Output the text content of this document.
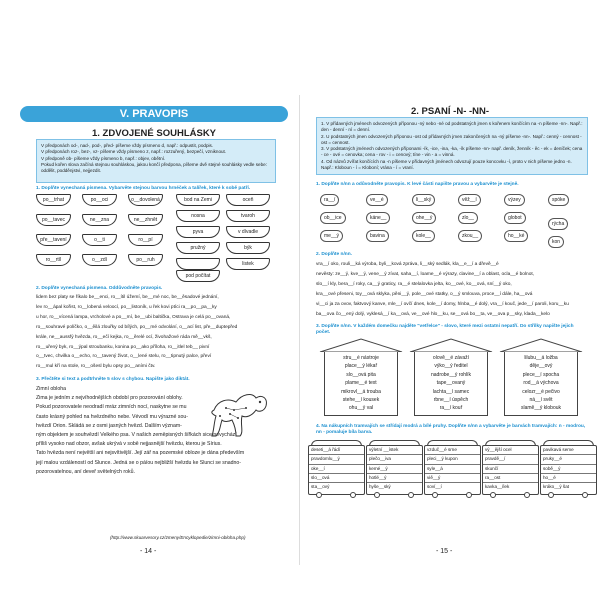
V. PRAVOPIS
1. ZDVOJENÉ SOUHLÁSKY

V předponách od-, nad-, pod-, před- píšeme vždy písmeno d, např.: odpustit, podpis.

V předponách roz-, bez-, vz- píšeme vždy písmeno z, např.: rozzuřený, bezpečí, vzniknout.

V předponě ob- píšeme vždy písmeno b, např.: objev, obětní.

Pokud kořen slova začíná stejnou souhláskou, jakou končí předpona, píšeme dvě stejné souhlásky vedle sebe: oddělit, podděnjstvi, nejjezdit.

1. Doplňte vynechaná písmena. Vybarvěte stejnou barvou hrnéček a talířek, které k sobě patří.
po__trhat	po__oci	o__dovolená	bod na Zemi	oceň
po__tavec	ne__zna	ne__zhnět
nosna	tvaroh
pře__tavení	o__ti	ro__pí
pyva	v dívadle
ro__rtíl	o__zdí	po__ruh
pružný	býk
listek
pod počítat
2. Doplňte vynechaná písmena. Oddůvodněte pravopis.

lidem bez platy se říkalo be__enci, ro__ítil úžemí, be__mé noc, be__ěsadové jednání,

lev ro__ápal kořist, ro__lobená veloocí, po__listoník, u řek kovi ptíci ra__po__pa__ky

u hor, ro__vícená lampa, vrcholové a po__mí, be__ubi baltička, Ostrava je celá po__ovaná,

ro__souhravé políčko, o__ěilá zlouřky od bílých, po__mé odvolání, o__ací list, pře__duptepřed

krále, ne__aussfý hvězda, ro__ečí kejka, ro__ěrelé ocí, živohažové ráda mě__vkš,

ro__uřený byk, ro__ýpal stroubanku, konina po__ako příloha, ro__itlel teb__ pivní

o__tvec, chvilka o__echo, ro__tavený život, o__lené stelu, ro__tipnutý palce, převí

ro__mul kří na stole, ro__ošesl bylu opsy po__aními čtv.

3. Přečtěte si text a podtrhněte 5 slov s chybou. Napište jako diktát.

Zimní obloha

Zima je jedním z nejvíhodnějších období pro pozorování oblohy.

Pokud pozorovatele neodradí mráz zimních nocí, naskytne se mu

často krásný pohled na hvězdného nebe. Vévodí mu výrazné sou-

hvězdí Orion. Skládá se z osmi jasných hvězd. Dalším význam-

ným objektem je souhvězdí Velkého psa. V našich zeměpisných šířkách sice nevychází

příliš vysoko nad obzor, avšak ukrývá v sobě nejjasnější hvězdu, kterou je Sírius.

Tato hvězda není největší ani nejsvítivější. Její zář na pozemské obloze je dána především

její malou vzdáleností od Slunce. Jedná se o páíou nejbližší hvězdu ke Slunci se snadno-

pozorovatelnou, aní deveř světelných roků.

(http://www.skuarvesory.cz/zmeny/Encyklopedie/zimni-obloha.php)
- 14 -
2. PSANÍ -N- -NN-

1. V přídavných jménech odvozených příponou -ný nebo -né od podstatných jmen s kořenem končícím na -n píšeme -nn-. Např.: den - denní - ní = denní.

2. U podstatných jmen odvozených příponou -ost od přídavných jmen zakončených na -ný píšeme -nn-. Např.: cenný - cennost - ost = cennost.

3. V podstatných jménech odvozených příponami -ík, -ice, -ina, -ka, -ík píšeme -nn- např. deník, ženník - ěc - ek = deníček; cena - ce - ové = cenovka; cena - rov - i = cenový; tíne - vin - a = vinná.

4. Od názvů zvířat končících na -n píšeme v přídavných jménech odvozují pouze koncovku -í, proto v nich píšeme jedno -n. Např.: Kloboun - í = Kloboní; vrána - í = vraní.

1. Doplňte n/nn a odůvodněte pravopis. K levé části napište pravou a vybarvěte je stejně.
ra__í	ve__é	li__ský	věž__í	výzey	spóke
ob__ice	káne__	ohe__ý	zlo__	globot
rýcha
me__ý	bavina	kole__	zkou__	ho__ké
kon
2. Doplňte n/nn.

vra__í oko, rouli__ká výroba, byli__ková zpráva, li__ský sedlák, kla__e__í a dřevě__é

nevěsty: ze__ý, kve__ý, vene__ý zívat, saha__í, loame__é výrazy, clavine__í a oblast, ocla__é bolnot,

slo__í kly, bera__í roky, ca__ý graticy, ra__é stelalovka jelta, ko__ové, ko__ová, sní__ý oko,

kra__ové přeseni, toy__ová sklyka, pěni__ý, pole__ové statky, o__ý smlouva, proce__í dále, ha__ová

vi__ci ja za ovov, faktvový kanve, mle__í ovčí dnes, kole__í domy, hlnba__é dolý, vra__í kouč, jede__í paroli, koru__ku

ba__ova čo__ený dolý, vyklesá__í ka__ová, ve__ové hlo__ku, se__ová bo__ta, ve__ova p__sky, klada__kelo

3. Doplňte n/nn. V každém domečku najděte "vetřelce" - slovo, které mezi ostatní nepatří. Do střílky napište jejich počet.

stru__é nástroje

place__ý lékař

slo__ová pita

plame__é text

mikrovl__á trouba

stehe__í kousek

ohu__ý val

olově__é závaží

výko__ý ředitel

nadrobe__ý rohlík

tape__ovaný

lachta__í samec

rbne__í úspěch

ra__í kouř

lilubu__á ložba

děje__ový

plece__í spocha

rod__á výchova

celozr__é pečivo

ná__í svět

slamě__ý klobouk

4. Na nákupních tramvajích se střídají modrá a bílé pruhy. Doplňte n/nn a vybarvěte je barvách tramvajích: n - modrou, nn - pomaluje bíla barva.
deseti__á řádí
pravdomlu__ý
oke__í
slo__ová
sta__ový
výletní __ístek
plečo__iva
kemé__ý
hotlé__ý
hyše__ský
vzduč__é srne
pleci__ý kupon
syle__á
viě__ý
soví__í
vý__ější ocel
pravdě__í
skunčí
ra__ost
kavka__ílek
pavikavá seme
pruky__é
sobě__ý
ho__é
kráko__ý šat
- 15 -
